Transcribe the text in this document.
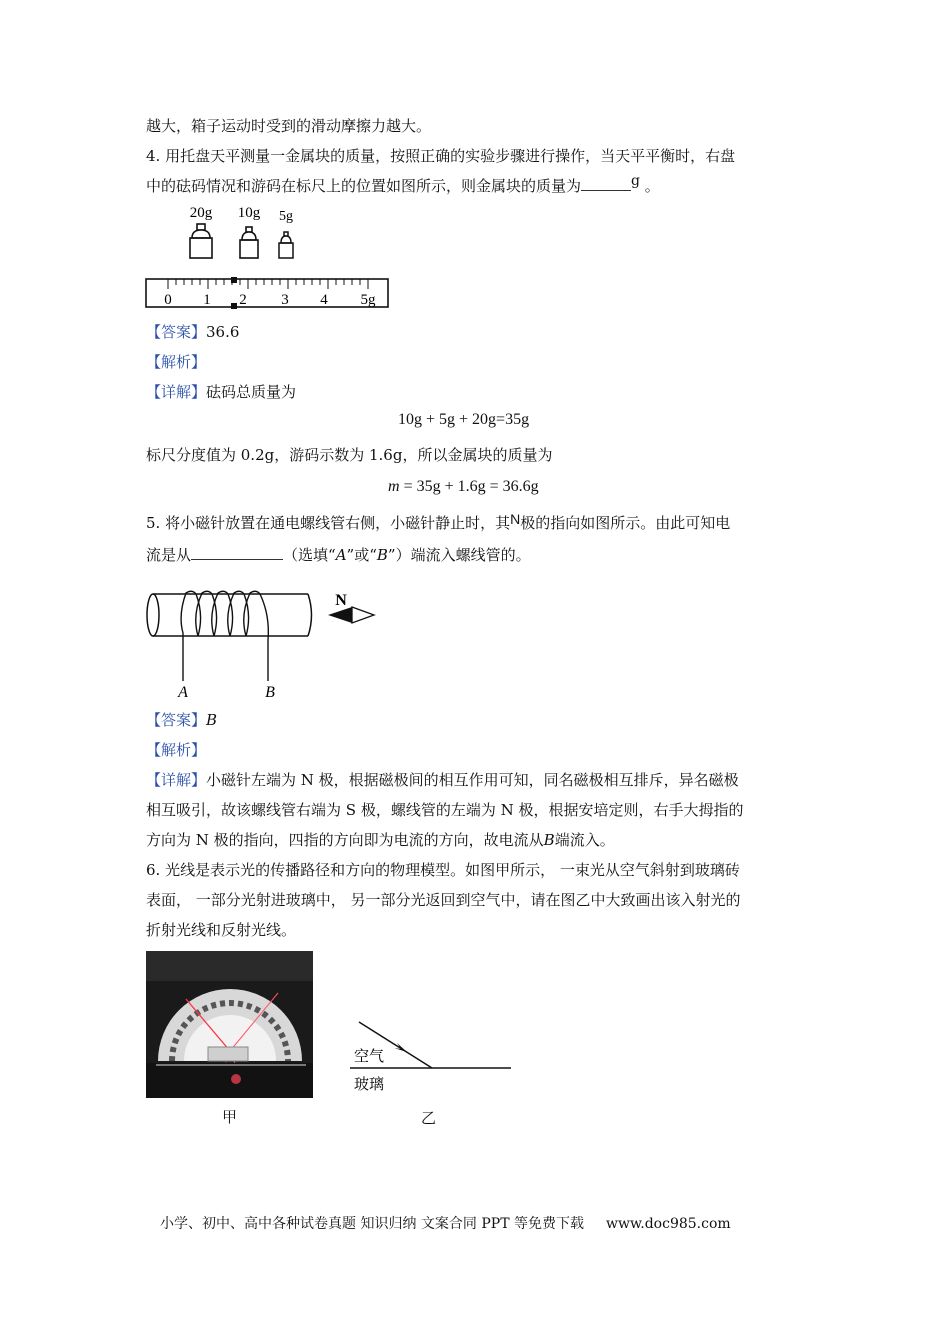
越大，箱子运动时受到的滑动摩擦力越大。
4. 用托盘天平测量一金属块的质量，按照正确的实验步骤进行操作，当天平平衡时，右盘
中的砝码情况和游码在标尺上的位置如图所示，则金属块的质量为	g 。
20g 10g 5g
0 1 2 3 4 5g
【答案】36.6
【解析】
【详解】砝码总质量为
10g + 5g + 20g=35g
标尺分度值为 0.2g，游码示数为 1.6g，所以金属块的质量为
m = 35g + 1.6g = 36.6g
5. 将小磁针放置在通电螺线管右侧，小磁针静止时，其N极的指向如图所示。由此可知电
流是从	（选填“A”或“B”）端流入螺线管的。
A	B
N
【答案】B
【解析】
【详解】小磁针左端为 N 极，根据磁极间的相互作用可知，同名磁极相互排斥，异名磁极
相互吸引，故该螺线管右端为 S 极，螺线管的左端为 N 极，根据安培定则，右手大拇指的
方向为 N 极的指向，四指的方向即为电流的方向，故电流从B端流入。
6. 光线是表示光的传播路径和方向的物理模型。如图甲所示， 一束光从空气斜射到玻璃砖
表面， 一部分光射进玻璃中， 另一部分光返回到空气中，请在图乙中大致画出该入射光的
折射光线和反射光线。
甲
空气
玻璃
乙
小学、初中、高中各种试卷真题 知识归纳 文案合同 PPT 等免费下载 www.doc985.com
